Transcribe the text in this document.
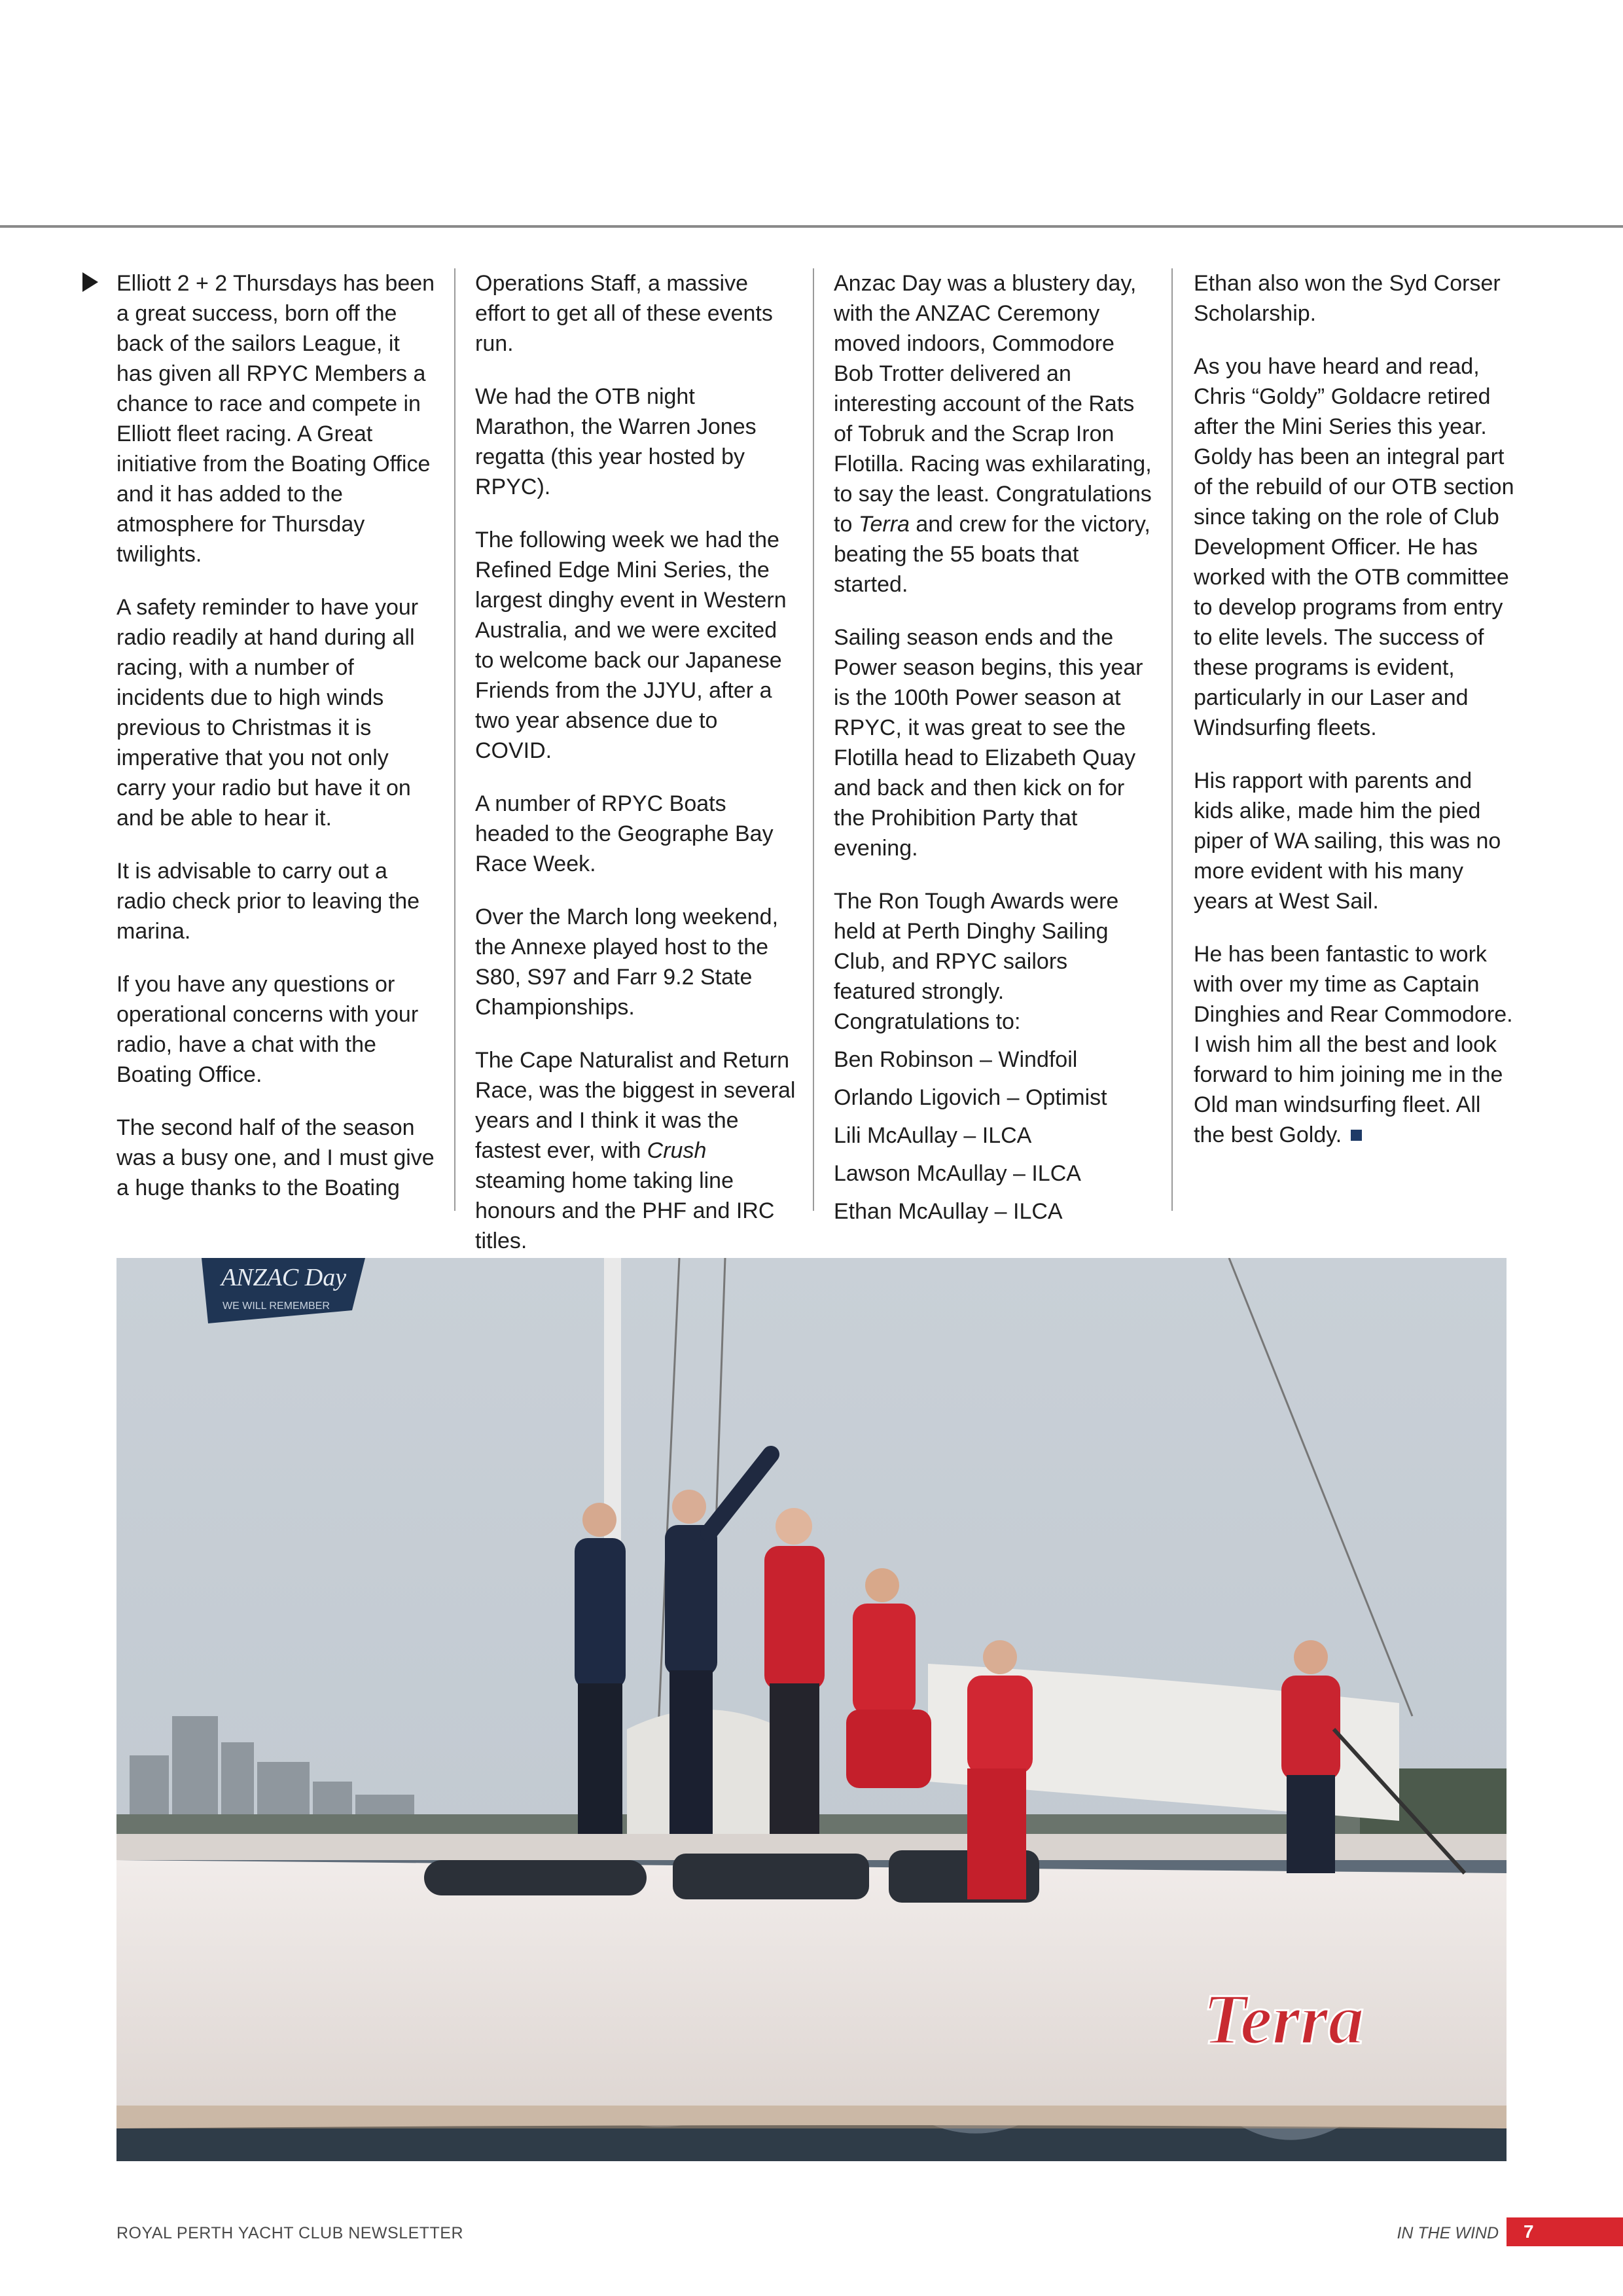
Elliott 2 + 2 Thursdays has been a great success, born off the back of the sailors League, it has given all RPYC Members a chance to race and compete in Elliott fleet racing. A Great initiative from the Boating Office and it has added to the atmosphere for Thursday twilights.

A safety reminder to have your radio readily at hand during all racing, with a number of incidents due to high winds previous to Christmas it is imperative that you not only carry your radio but have it on and be able to hear it.

It is advisable to carry out a radio check prior to leaving the marina.

If you have any questions or operational concerns with your radio, have a chat with the Boating Office.

The second half of the season was a busy one, and I must give a huge thanks to the Boating

Operations Staff, a massive effort to get all of these events run.

We had the OTB night Marathon, the Warren Jones regatta (this year hosted by RPYC).

The following week we had the Refined Edge Mini Series, the largest dinghy event in Western Australia, and we were excited to welcome back our Japanese Friends from the JJYU, after a two year absence due to COVID.

A number of RPYC Boats headed to the Geographe Bay Race Week.

Over the March long weekend, the Annexe played host to the S80, S97 and Farr 9.2 State Championships.

The Cape Naturalist and Return Race, was the biggest in several years and I think it was the fastest ever, with Crush steaming home taking line honours and the PHF and IRC titles.

Anzac Day was a blustery day, with the ANZAC Ceremony moved indoors, Commodore Bob Trotter delivered an interesting account of the Rats of Tobruk and the Scrap Iron Flotilla. Racing was exhilarating, to say the least. Congratulations to Terra and crew for the victory, beating the 55 boats that started.

Sailing season ends and the Power season begins, this year is the 100th Power season at RPYC, it was great to see the Flotilla head to Elizabeth Quay and back and then kick on for the Prohibition Party that evening.

The Ron Tough Awards were held at Perth Dinghy Sailing Club, and RPYC sailors featured strongly. Congratulations to:

Ben Robinson – Windfoil

Orlando Ligovich – Optimist

Lili McAullay – ILCA

Lawson McAullay – ILCA

Ethan McAullay – ILCA

Ethan also won the Syd Corser Scholarship.

As you have heard and read, Chris “Goldy” Goldacre retired after the Mini Series this year. Goldy has been an integral part of the rebuild of our OTB section since taking on the role of Club Development Officer. He has worked with the OTB committee to develop programs from entry to elite levels. The success of these programs is evident, particularly in our Laser and Windsurfing fleets.

His rapport with parents and kids alike, made him the pied piper of WA sailing, this was no more evident with his many years at West Sail.

He has been fantastic to work with over my time as Captain Dinghies and Rear Commodore. I wish him all the best and look forward to him joining me in the Old man windsurfing fleet. All the best Goldy.

ANZAC Day
WE WILL REMEMBER
Terra
ROYAL PERTH YACHT CLUB NEWSLETTER	IN THE WIND	7
